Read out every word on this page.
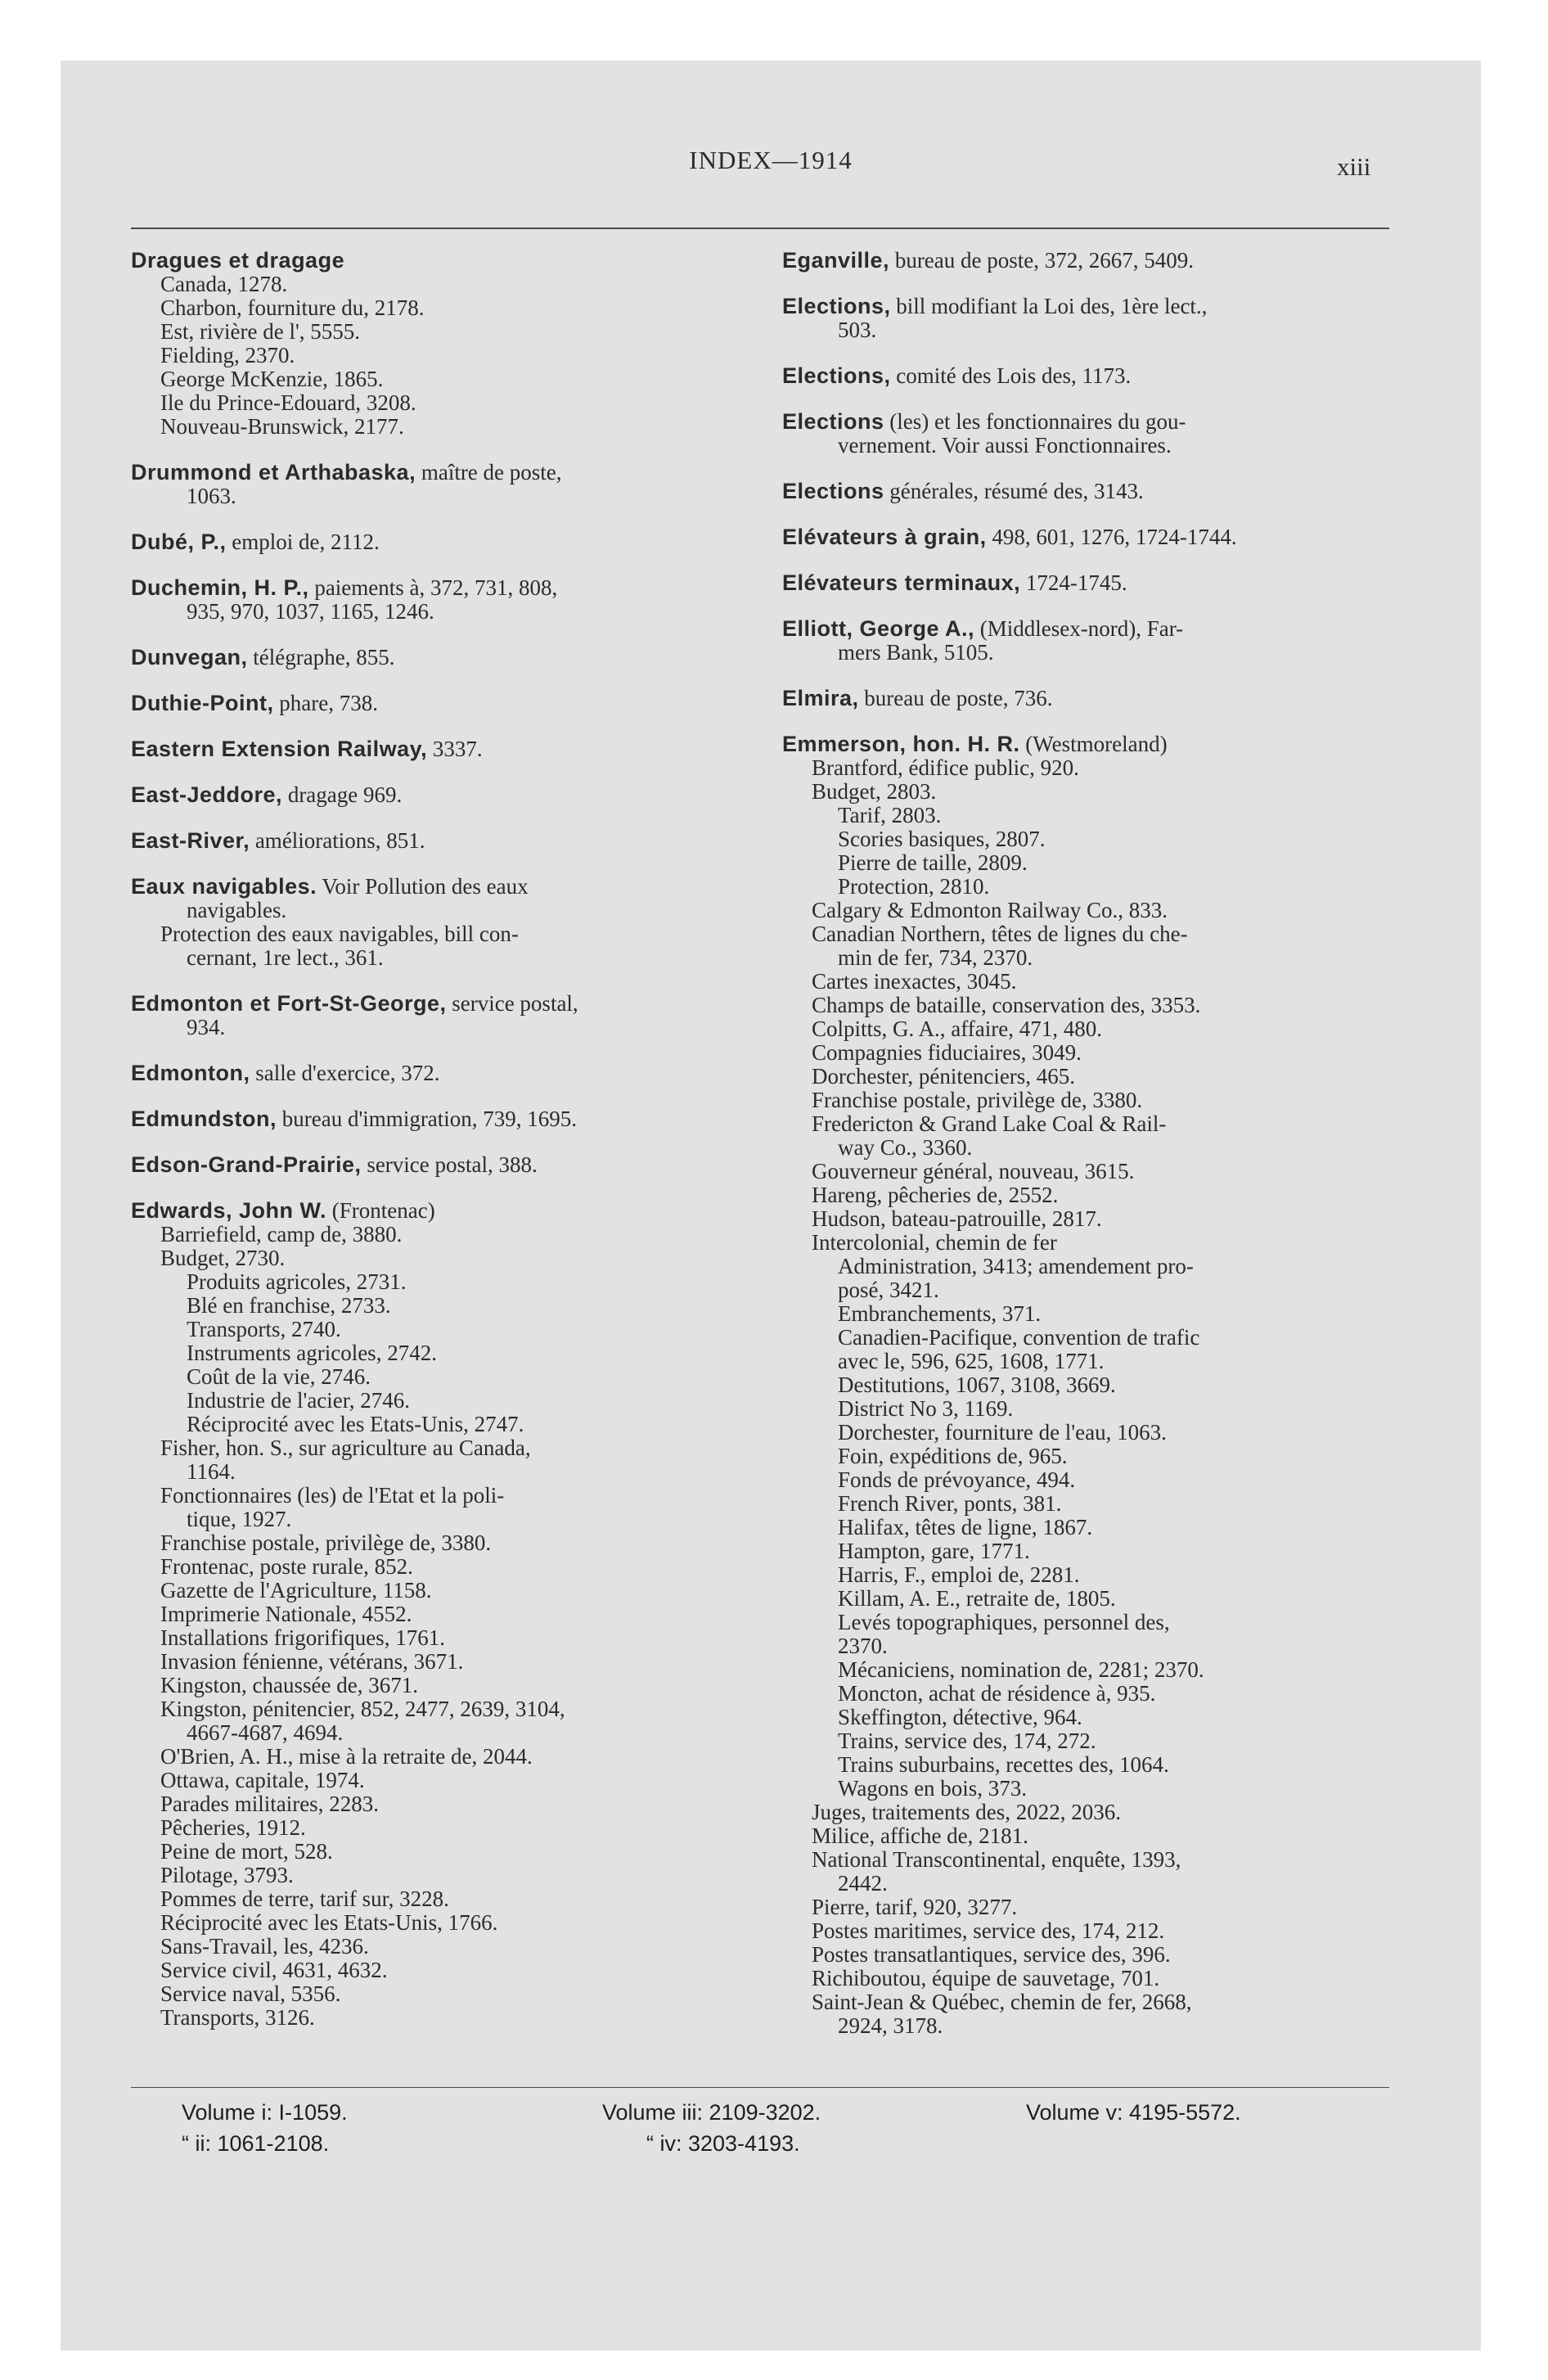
INDEX—1914	xiii
Dragues et dragage
Canada, 1278.
Charbon, fourniture du, 2178.
Est, rivière de l', 5555.
Fielding, 2370.
George McKenzie, 1865.
Ile du Prince-Edouard, 3208.
Nouveau-Brunswick, 2177.
Drummond et Arthabaska, maître de poste,
1063.
Dubé, P., emploi de, 2112.
Duchemin, H. P., paiements à, 372, 731, 808,
935, 970, 1037, 1165, 1246.
Dunvegan, télégraphe, 855.
Duthie-Point, phare, 738.
Eastern Extension Railway, 3337.
East-Jeddore, dragage 969.
East-River, améliorations, 851.
Eaux navigables. Voir Pollution des eaux
navigables.
Protection des eaux navigables, bill con-
cernant, 1re lect., 361.
Edmonton et Fort-St-George, service postal,
934.
Edmonton, salle d'exercice, 372.
Edmundston, bureau d'immigration, 739, 1695.
Edson-Grand-Prairie, service postal, 388.
Edwards, John W. (Frontenac)
Barriefield, camp de, 3880.
Budget, 2730.
Produits agricoles, 2731.
Blé en franchise, 2733.
Transports, 2740.
Instruments agricoles, 2742.
Coût de la vie, 2746.
Industrie de l'acier, 2746.
Réciprocité avec les Etats-Unis, 2747.
Fisher, hon. S., sur agriculture au Canada,
1164.
Fonctionnaires (les) de l'Etat et la poli-
tique, 1927.
Franchise postale, privilège de, 3380.
Frontenac, poste rurale, 852.
Gazette de l'Agriculture, 1158.
Imprimerie Nationale, 4552.
Installations frigorifiques, 1761.
Invasion fénienne, vétérans, 3671.
Kingston, chaussée de, 3671.
Kingston, pénitencier, 852, 2477, 2639, 3104,
4667-4687, 4694.
O'Brien, A. H., mise à la retraite de, 2044.
Ottawa, capitale, 1974.
Parades militaires, 2283.
Pêcheries, 1912.
Peine de mort, 528.
Pilotage, 3793.
Pommes de terre, tarif sur, 3228.
Réciprocité avec les Etats-Unis, 1766.
Sans-Travail, les, 4236.
Service civil, 4631, 4632.
Service naval, 5356.
Transports, 3126.
Eganville, bureau de poste, 372, 2667, 5409.
Elections, bill modifiant la Loi des, 1ère lect.,
503.
Elections, comité des Lois des, 1173.
Elections (les) et les fonctionnaires du gou-
vernement. Voir aussi Fonctionnaires.
Elections générales, résumé des, 3143.
Elévateurs à grain, 498, 601, 1276, 1724-1744.
Elévateurs terminaux, 1724-1745.
Elliott, George A., (Middlesex-nord), Far-
mers Bank, 5105.
Elmira, bureau de poste, 736.
Emmerson, hon. H. R. (Westmoreland)
Brantford, édifice public, 920.
Budget, 2803.
Tarif, 2803.
Scories basiques, 2807.
Pierre de taille, 2809.
Protection, 2810.
Calgary & Edmonton Railway Co., 833.
Canadian Northern, têtes de lignes du che-
min de fer, 734, 2370.
Cartes inexactes, 3045.
Champs de bataille, conservation des, 3353.
Colpitts, G. A., affaire, 471, 480.
Compagnies fiduciaires, 3049.
Dorchester, pénitenciers, 465.
Franchise postale, privilège de, 3380.
Fredericton & Grand Lake Coal & Rail-
way Co., 3360.
Gouverneur général, nouveau, 3615.
Hareng, pêcheries de, 2552.
Hudson, bateau-patrouille, 2817.
Intercolonial, chemin de fer
Administration, 3413; amendement pro-
posé, 3421.
Embranchements, 371.
Canadien-Pacifique, convention de trafic
avec le, 596, 625, 1608, 1771.
Destitutions, 1067, 3108, 3669.
District No 3, 1169.
Dorchester, fourniture de l'eau, 1063.
Foin, expéditions de, 965.
Fonds de prévoyance, 494.
French River, ponts, 381.
Halifax, têtes de ligne, 1867.
Hampton, gare, 1771.
Harris, F., emploi de, 2281.
Killam, A. E., retraite de, 1805.
Levés topographiques, personnel des,
2370.
Mécaniciens, nomination de, 2281; 2370.
Moncton, achat de résidence à, 935.
Skeffington, détective, 964.
Trains, service des, 174, 272.
Trains suburbains, recettes des, 1064.
Wagons en bois, 373.
Juges, traitements des, 2022, 2036.
Milice, affiche de, 2181.
National Transcontinental, enquête, 1393,
2442.
Pierre, tarif, 920, 3277.
Postes maritimes, service des, 174, 212.
Postes transatlantiques, service des, 396.
Richiboutou, équipe de sauvetage, 701.
Saint-Jean & Québec, chemin de fer, 2668,
2924, 3178.
Volume i: I-1059.
“ ii: 1061-2108.
Volume iii: 2109-3202.
“ iv: 3203-4193.
Volume v: 4195-5572.
